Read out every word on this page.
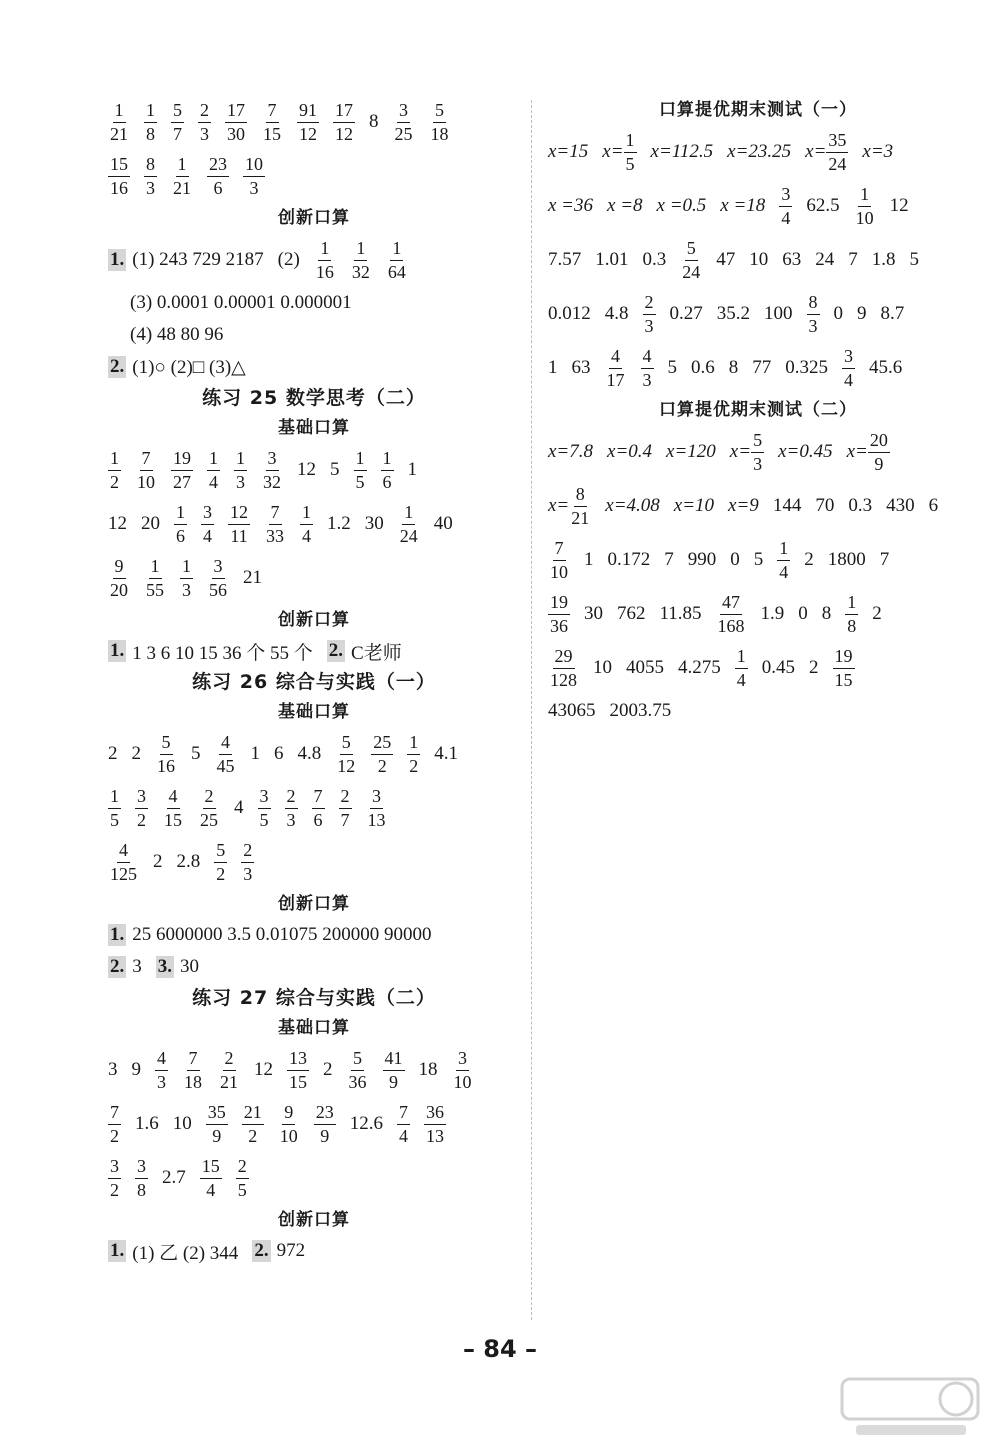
$\frac{1}{21} \frac{1}{8} \frac{5}{7} \frac{2}{3} \frac{17}{30} \frac{7}{15} \frac{91}{12} \frac{17}{12} 8 \frac{3}{25} \frac{5}{18}$
$\frac{15}{16} \frac{8}{3} \frac{1}{21} \frac{23}{6} \frac{10}{3}$
创新口算
1. (1) 243 729 2187 $(2) \frac{1}{16} \frac{1}{32} \frac{1}{64}$
(3) 0.0001 0.00001 0.000001
(4) 48 80 96
2. (1)○ (2)□ (3)△
练习 25 数学思考（二）
基础口算
$\frac{1}{2} \frac{7}{10} \frac{19}{27} \frac{1}{4} \frac{1}{3} \frac{3}{32} 12$ $5 \frac{1}{5} \frac{1}{6} 1$
12 $20 \frac{1}{6} \frac{3}{4} \frac{12}{11} \frac{7}{33} \frac{1}{4} 1.2$ $30 \frac{1}{24} 40$
$\frac{9}{20} \frac{1}{55} \frac{1}{3} \frac{3}{56} 21$
创新口算
1. 1 3 6 10 15 36 个 55 个 2. C老师
练习 26 综合与实践（一）
基础口算
2 $2 \frac{5}{16} 5 \frac{4}{45} 1$ 6 $4.8 \frac{5}{12} \frac{25}{2} \frac{1}{2} 4.1$
$\frac{1}{5} \frac{3}{2} \frac{4}{15} \frac{2}{25} 4 \frac{3}{5} \frac{2}{3} \frac{7}{6} \frac{2}{7} \frac{3}{13}$
$\frac{4}{125} 2$ $2.8 \frac{5}{2} \frac{2}{3}$
创新口算
1. 25 6000000 3.5 0.01075 200000 90000
2. 3 3. 30
练习 27 综合与实践（二）
基础口算
3 $9 \frac{4}{3} \frac{7}{18} \frac{2}{21} 12 \frac{13}{15} 2 \frac{5}{36} \frac{41}{9} 18 \frac{3}{10}$
$\frac{7}{2} 1.6$ $10 \frac{35}{9} \frac{21}{2} \frac{9}{10} \frac{23}{9} 12.6 \frac{7}{4} \frac{36}{13}$
$\frac{3}{2} \frac{3}{8} 2.7 \frac{15}{4} \frac{2}{5}$
创新口算
1. (1) 乙 (2) 344 2. 972
口算提优期末测试（一）
x=15 $x= \frac{1}{5} x=112.5$ x=23.25 $x= \frac{35}{24} x=3$
x =36 x =8 x =0.5 $x =18 \frac{3}{4} 62.5 \frac{1}{10} 12$
7.57 1.01 $0.3 \frac{5}{24} 47$ 10 63 24 7 1.8 5
0.012 $4.8 \frac{2}{3} 0.27$ 35.2 $100 \frac{8}{3} 0$ 9 8.7
1 $63 \frac{4}{17} \frac{4}{3} 5$ 0.6 8 77 $0.325 \frac{3}{4} 45.6$
口算提优期末测试（二）
x=7.8 x=0.4 x=120 $x= \frac{5}{3} x=0.45$ $x= \frac{20}{9}$
$x= \frac{8}{21} x=4.08$ x=10 x=9 144 70 0.3 430 6
$\frac{7}{10} 1$ 0.172 7 990 0 $5 \frac{1}{4} 2$ 1800 7
$\frac{19}{36} 30$ 762 $11.85 \frac{47}{168} 1.9$ 0 $8 \frac{1}{8} 2$
$\frac{29}{128} 10$ 4055 $4.275 \frac{1}{4} 0.45$ $2 \frac{19}{15}$
43065 2003.75
– 84 –
